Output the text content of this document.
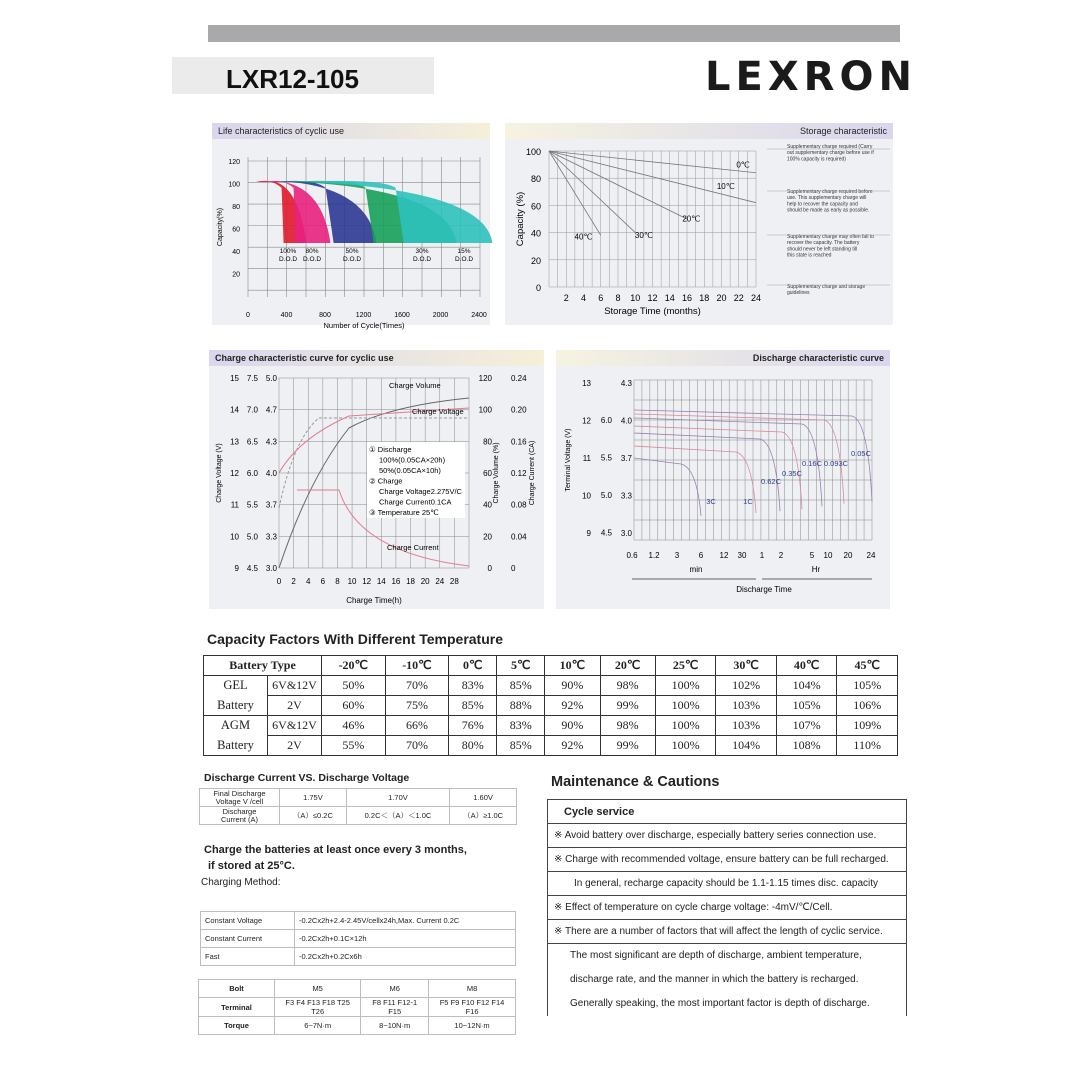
LXR12-105	LEXRON
Life characteristics of cyclic use
120
100
80
60
40
20
0	400	800	1200	1600	2000	2400
Number of Cycle(Times)
Capacity(%)
100%
D.O.D
80%
D.O.D
50%
D.O.D
30%
D.O.D
15%
D.O.D
Storage characteristic
100
80
60
40
20
0
2 4 6 8 10 12 14 16 18 20 22 24
Storage Time (months)
Capacity (%)
0℃
10℃
20℃
30℃
40℃
Supplementary charge required (Carry
out supplementary charge before use if
100% capacity is required)
Supplementary charge required before
use. This supplementary charge will
help to recover the capacity and
should be made as early as possible.
Supplementary charge may often fail to
recover the capacity. The battery
should never be left standing till
this state is reached
Supplementary charge and storage
guidelines
Charge characteristic curve for cyclic use
15
14
13
12
11
10
9
7.5
7.0
6.5
6.0
5.5
5.0
4.5
5.0
4.7
4.3
4.0
3.7
3.3
3.0
120
100
80
60
40
20
0
0.24
0.20
0.16
0.12
0.08
0.04
0
0 2 4 6 8 10 12 14 16 18 20 24 28
Charge Time(h)
Charge Voltage (V)	Charge Volume (%)	Charge Current (CA)
Charge Volume
Charge Voltage
Charge Current
① Discharge
100%(0.05CA×20h)
50%(0.05CA×10h)
② Charge
Charge Voltage2.275V/C
Charge Current0.1CA
③ Temperature 25℃
Discharge characteristic curve
13
12
11
10
9
4.3
4.0
3.7
3.3
3.0
6.0
5.5
5.0
4.5
0.6 1.2 3 6 12 30 1 2	5 10 20 24
min	Hr
Discharge Time
Terminal Voltage (V)
3C	1C
0.62C
0.35C
0.16C 0.093C
0.05C
Capacity Factors With Different Temperature
Battery Type		-20℃	-10℃	0℃	5℃	10℃	20℃	25℃	30℃	40℃	45℃
GEL	6V&12V	50%	70%	83%	85%	90%	98%	100%	102%	104%	105%
Battery	2V	60%	75%	85%	88%	92%	99%	100%	103%	105%	106%
AGM	6V&12V	46%	66%	76%	83%	90%	98%	100%	103%	107%	109%
Battery	2V	55%	70%	80%	85%	92%	99%	100%	104%	108%	110%
Discharge Current VS. Discharge Voltage
Final Discharge
Voltage V /cell	1.75V	1.70V	1.60V
Discharge
Current (A)	（A）≤0.2C	0.2C＜（A）＜1.0C	（A）≥1.0C
Charge the batteries at least once every 3 months,
if stored at 25°C.
Charging Method:
Constant Voltage	-0.2Cx2h+2.4-2.45V/cellx24h,Max. Current 0.2C
Constant Current	-0.2Cx2h+0.1C×12h
Fast	-0.2Cx2h+0.2Cx6h
Bolt	M5	M6	M8
Terminal	F3 F4 F13 F18 T25 T26	F8 F11 F12-1 F15	F5 F9 F10 F12 F14 F16
Torque	6~7N·m	8~10N·m	10~12N·m
Maintenance & Cautions
Cycle service
※ Avoid battery over discharge, especially battery series connection use.
※ Charge with recommended voltage, ensure battery can be full recharged.
In general, recharge capacity should be 1.1-1.15 times disc. capacity
※ Effect of temperature on cycle charge voltage: -4mV/℃/Cell.
※ There are a number of factors that will affect the length of cyclic service.
The most significant are depth of discharge, ambient temperature,
discharge rate, and the manner in which the battery is recharged.
Generally speaking, the most important factor is depth of discharge.
